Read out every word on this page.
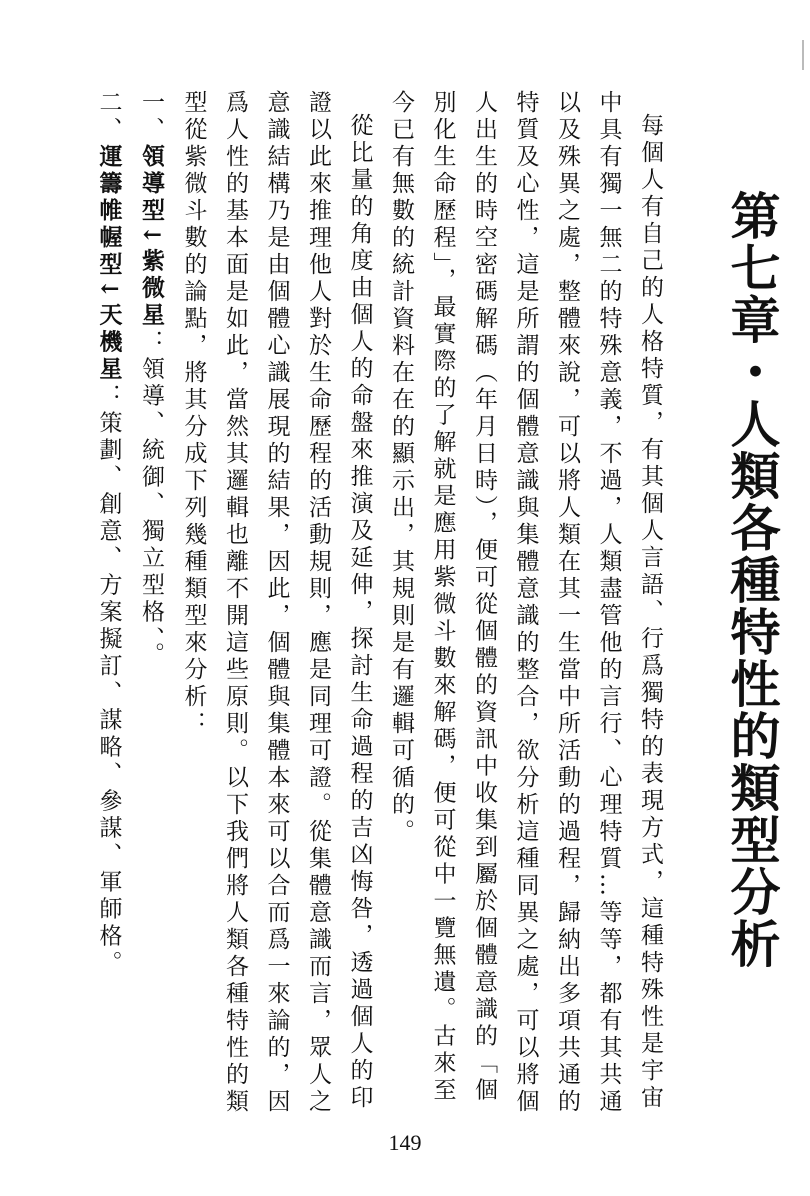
第七章・人類各種特性的類型分析

每個人有自己的人格特質，有其個人言語、行爲獨特的表現方式，這種特殊性是宇宙中具有獨一無二的特殊意義，不過，人類盡管他的言行、心理特質…等等，都有其共通以及殊異之處，整體來說，可以將人類在其一生當中所活動的過程，歸納出多項共通的特質及心性，這是所謂的個體意識與集體意識的整合，欲分析這種同異之處，可以將個人出生的時空密碼解碼（年月日時），便可從個體的資訊中收集到屬於個體意識的「個別化生命歷程」，最實際的了解就是應用紫微斗數來解碼，便可從中一覽無遺。古來至今已有無數的統計資料在在的顯示出，其規則是有邏輯可循的。

從比量的角度由個人的命盤來推演及延伸，探討生命過程的吉凶悔咎，透過個人的印證以此來推理他人對於生命歷程的活動規則，應是同理可證。從集體意識而言，眾人之意識結構乃是由個體心識展現的結果，因此，個體與集體本來可以合而爲一來論的，因爲人性的基本面是如此，當然其邏輯也離不開這些原則。以下我們將人類各種特性的類型從紫微斗數的論點，將其分成下列幾種類型來分析：

一、領導型↓紫微星：領導、統御、獨立型格、。

二、運籌帷幄型↓天機星：策劃、創意、方案擬訂、謀略、參謀、軍師格。

149
